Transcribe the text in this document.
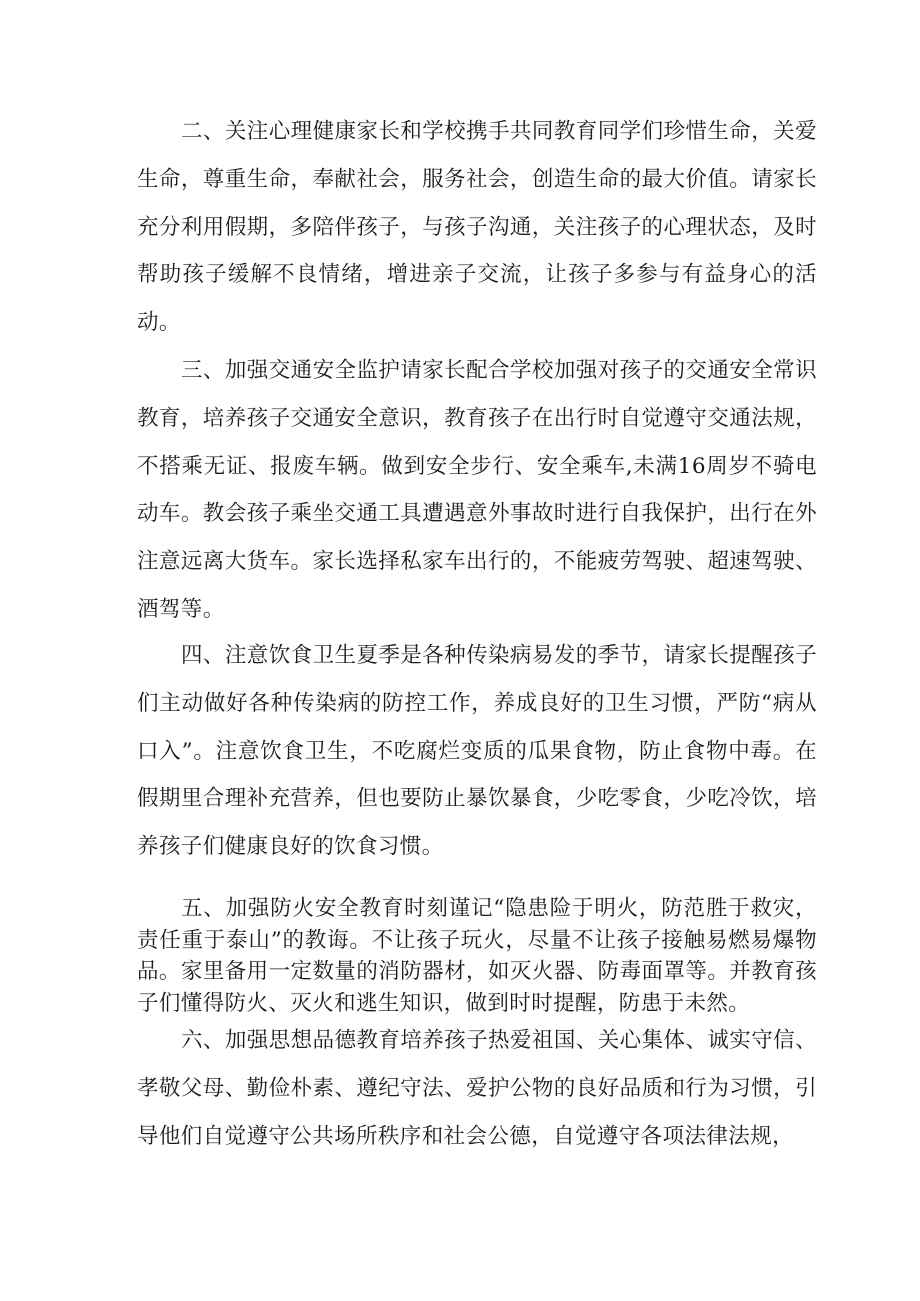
二、关注心理健康家长和学校携手共同教育同学们珍惜生命，关爱生命，尊重生命，奉献社会，服务社会，创造生命的最大价值。请家长充分利用假期，多陪伴孩子，与孩子沟通，关注孩子的心理状态，及时帮助孩子缓解不良情绪，增进亲子交流，让孩子多参与有益身心的活动。

三、加强交通安全监护请家长配合学校加强对孩子的交通安全常识教育，培养孩子交通安全意识，教育孩子在出行时自觉遵守交通法规，不搭乘无证、报废车辆。做到安全步行、安全乘车,未满16周岁不骑电动车。教会孩子乘坐交通工具遭遇意外事故时进行自我保护，出行在外注意远离大货车。家长选择私家车出行的，不能疲劳驾驶、超速驾驶、酒驾等。

四、注意饮食卫生夏季是各种传染病易发的季节，请家长提醒孩子们主动做好各种传染病的防控工作，养成良好的卫生习惯，严防“病从口入”。注意饮食卫生，不吃腐烂变质的瓜果食物，防止食物中毒。在假期里合理补充营养，但也要防止暴饮暴食，少吃零食，少吃冷饮，培养孩子们健康良好的饮食习惯。

五、加强防火安全教育时刻谨记“隐患险于明火，防范胜于救灾，责任重于泰山”的教诲。不让孩子玩火，尽量不让孩子接触易燃易爆物品。家里备用一定数量的消防器材，如灭火器、防毒面罩等。并教育孩子们懂得防火、灭火和逃生知识，做到时时提醒，防患于未然。

六、加强思想品德教育培养孩子热爱祖国、关心集体、诚实守信、孝敬父母、勤俭朴素、遵纪守法、爱护公物的良好品质和行为习惯，引导他们自觉遵守公共场所秩序和社会公德，自觉遵守各项法律法规，
